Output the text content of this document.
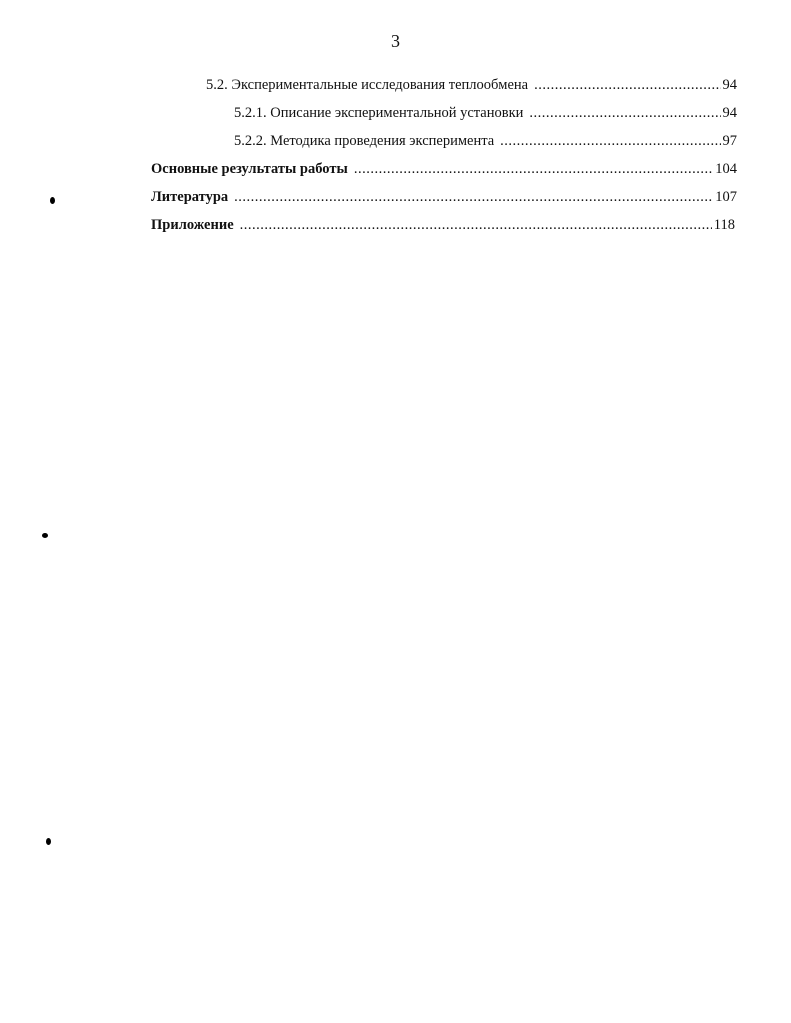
3
5.2. Экспериментальные исследования теплообмена .....	94
5.2.1. Описание экспериментальной установки .....	94
5.2.2. Методика проведения эксперимента .....	97
Основные результаты работы .....	104
Литература .....	107
Приложение .....	118
